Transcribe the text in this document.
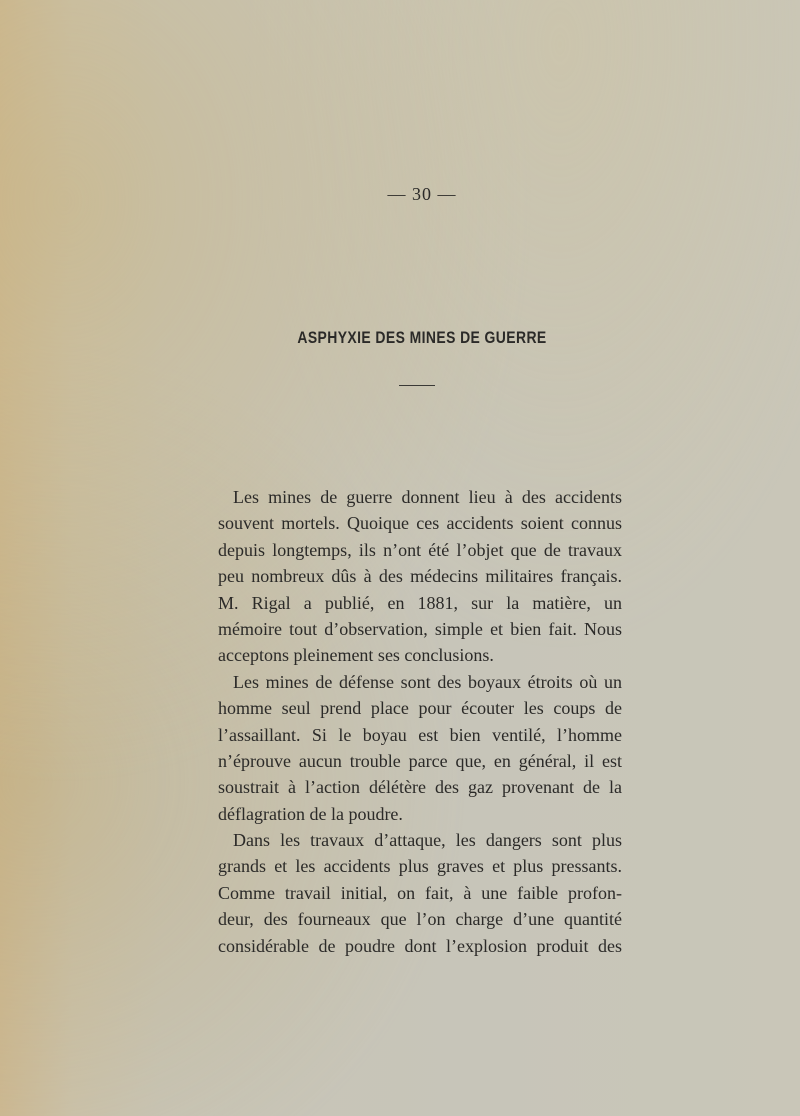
— 30 —
ASPHYXIE DES MINES DE GUERRE
Les mines de guerre donnent lieu à des accidents
souvent mortels. Quoique ces accidents soient connus
depuis longtemps, ils n’ont été l’objet que de travaux
peu nombreux dûs à des médecins militaires français.
M. Rigal a publié, en 1881, sur la matière, un
mémoire tout d’observation, simple et bien fait. Nous
acceptons pleinement ses conclusions.
Les mines de défense sont des boyaux étroits où un
homme seul prend place pour écouter les coups de
l’assaillant. Si le boyau est bien ventilé, l’homme
n’éprouve aucun trouble parce que, en général, il est
soustrait à l’action délétère des gaz provenant de la
déflagration de la poudre.
Dans les travaux d’attaque, les dangers sont plus
grands et les accidents plus graves et plus pressants.
Comme travail initial, on fait, à une faible profon-
deur, des fourneaux que l’on charge d’une quantité
considérable de poudre dont l’explosion produit des
